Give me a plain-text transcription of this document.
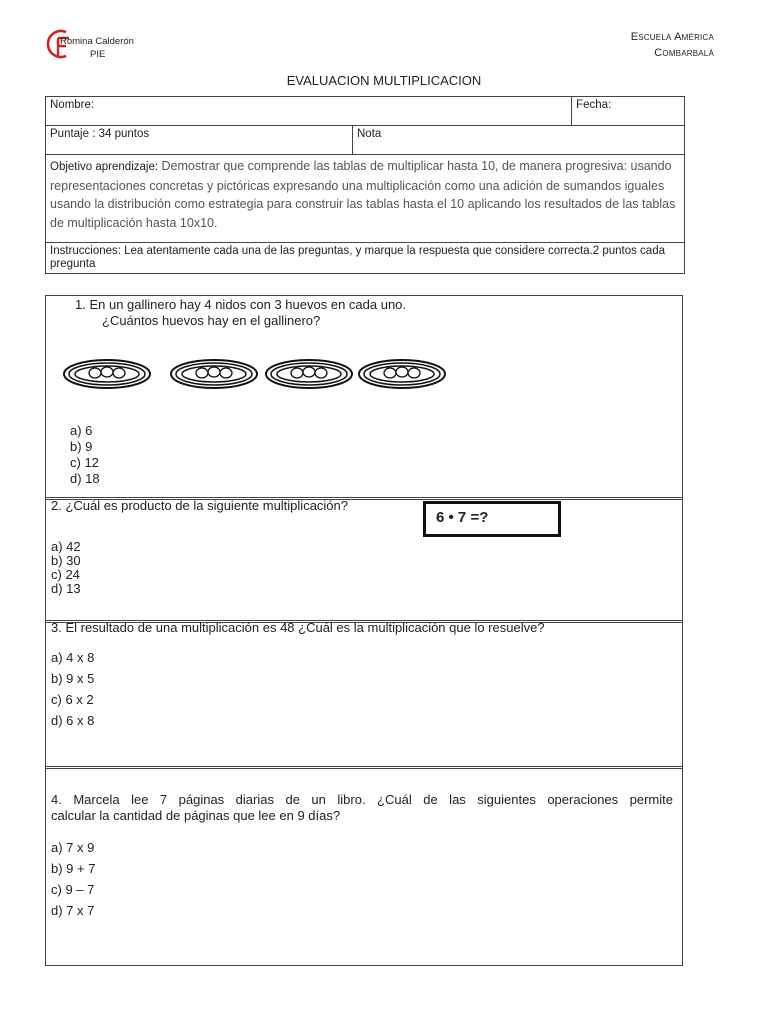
Romina Calderón
PIE
Escuela América
Combarbalá
EVALUACION MULTIPLICACION
Nombre:		Fecha:
Puntaje : 34 puntos	Nota	
Objetivo aprendizaje: Demostrar que comprende las tablas de multiplicar hasta 10, de manera progresiva: usando representaciones concretas y pictóricas expresando una multiplicación como una adición de sumandos iguales usando la distribución como estrategia para construir las tablas hasta el 10 aplicando los resultados de las tablas de multiplicación hasta 10x10.		
Instrucciones: Lea atentamente cada una de las preguntas, y marque la respuesta que considere correcta.2 puntos cada pregunta		
1. En un gallinero hay 4 nidos con 3 huevos en cada uno.
¿Cuántos huevos hay en el gallinero?
a) 6
b) 9
c) 12
d) 18
2. ¿Cuál es producto de la siguiente multiplicación?
6 • 7 =?
a) 42
b) 30
c) 24
d) 13
3. El resultado de una multiplicación es 48 ¿Cuál es la multiplicación que lo resuelve?
a) 4 x 8
b) 9 x 5
c) 6 x 2
d) 6 x 8
4. Marcela lee 7 páginas diarias de un libro. ¿Cuál de las siguientes operaciones permite
calcular la cantidad de páginas que lee en 9 días?
a) 7 x 9
b) 9 + 7
c) 9 – 7
d) 7 x 7
